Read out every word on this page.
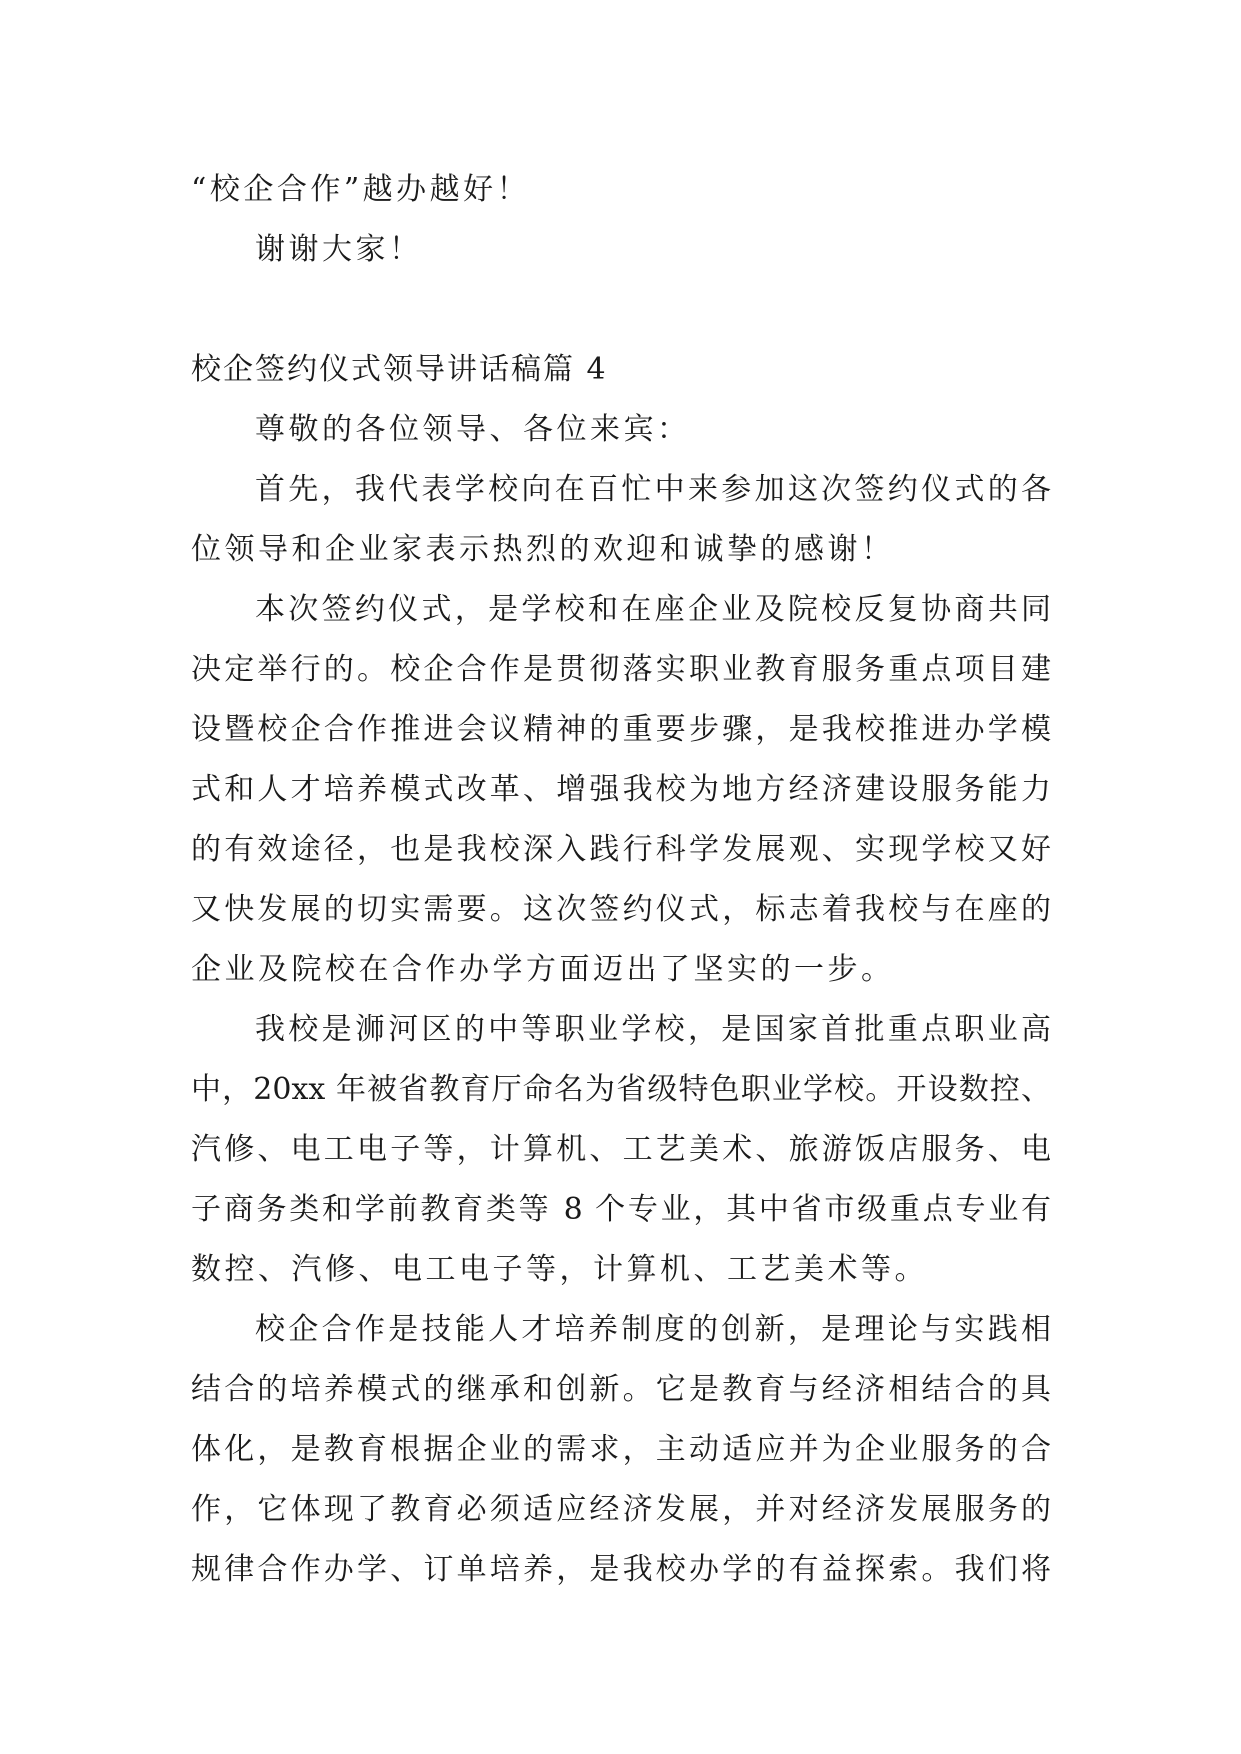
“校企合作”越办越好！

谢谢大家！

校企签约仪式领导讲话稿篇 4

尊敬的各位领导、各位来宾：

首先，我代表学校向在百忙中来参加这次签约仪式的各

位领导和企业家表示热烈的欢迎和诚挚的感谢！

本次签约仪式，是学校和在座企业及院校反复协商共同

决定举行的。校企合作是贯彻落实职业教育服务重点项目建

设暨校企合作推进会议精神的重要步骤，是我校推进办学模

式和人才培养模式改革、增强我校为地方经济建设服务能力

的有效途径，也是我校深入践行科学发展观、实现学校又好

又快发展的切实需要。这次签约仪式，标志着我校与在座的

企业及院校在合作办学方面迈出了坚实的一步。

我校是浉河区的中等职业学校，是国家首批重点职业高

中，20xx 年被省教育厅命名为省级特色职业学校。开设数控、

汽修、电工电子等，计算机、工艺美术、旅游饭店服务、电

子商务类和学前教育类等 8 个专业，其中省市级重点专业有

数控、汽修、电工电子等，计算机、工艺美术等。

校企合作是技能人才培养制度的创新，是理论与实践相

结合的培养模式的继承和创新。它是教育与经济相结合的具

体化，是教育根据企业的需求，主动适应并为企业服务的合

作，它体现了教育必须适应经济发展，并对经济发展服务的

规律合作办学、订单培养，是我校办学的有益探索。我们将
